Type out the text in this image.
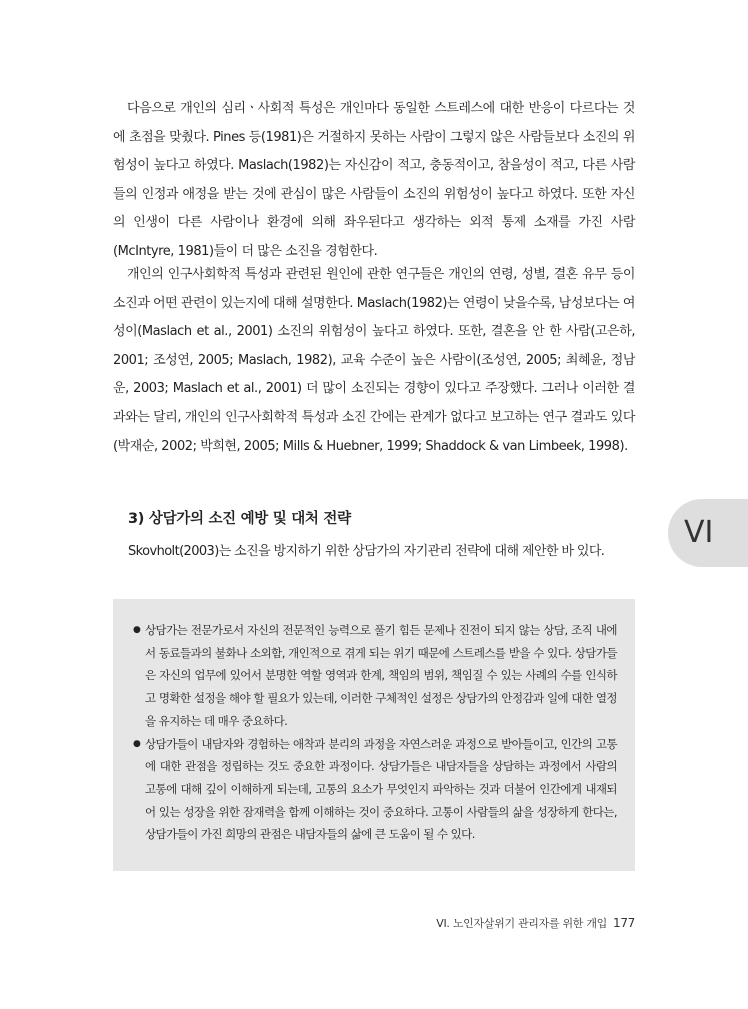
다음으로 개인의 심리ㆍ사회적 특성은 개인마다 동일한 스트레스에 대한 반응이 다르다는 것에 초점을 맞췄다. Pines 등(1981)은 거절하지 못하는 사람이 그렇지 않은 사람들보다 소진의 위험성이 높다고 하였다. Maslach(1982)는 자신감이 적고, 충동적이고, 참을성이 적고, 다른 사람들의 인정과 애정을 받는 것에 관심이 많은 사람들이 소진의 위험성이 높다고 하였다. 또한 자신의 인생이 다른 사람이나 환경에 의해 좌우된다고 생각하는 외적 통제 소재를 가진 사람(McIntyre, 1981)들이 더 많은 소진을 경험한다.

개인의 인구사회학적 특성과 관련된 원인에 관한 연구들은 개인의 연령, 성별, 결혼 유무 등이 소진과 어떤 관련이 있는지에 대해 설명한다. Maslach(1982)는 연령이 낮을수록, 남성보다는 여성이(Maslach et al., 2001) 소진의 위험성이 높다고 하였다. 또한, 결혼을 안 한 사람(고은하, 2001; 조성연, 2005; Maslach, 1982), 교육 수준이 높은 사람이(조성연, 2005; 최혜윤, 정남운, 2003; Maslach et al., 2001) 더 많이 소진되는 경향이 있다고 주장했다. 그러나 이러한 결과와는 달리, 개인의 인구사회학적 특성과 소진 간에는 관계가 없다고 보고하는 연구 결과도 있다(박재순, 2002; 박희현, 2005; Mills & Huebner, 1999; Shaddock & van Limbeek, 1998).

3) 상담가의 소진 예방 및 대처 전략

Skovholt(2003)는 소진을 방지하기 위한 상담가의 자기관리 전략에 대해 제안한 바 있다.

VI
● 상담가는 전문가로서 자신의 전문적인 능력으로 풀기 힘든 문제나 진전이 되지 않는 상담, 조직 내에서 동료들과의 불화나 소외함, 개인적으로 겪게 되는 위기 때문에 스트레스를 받을 수 있다. 상담가들은 자신의 업무에 있어서 분명한 역할 영역과 한계, 책임의 범위, 책임질 수 있는 사례의 수를 인식하고 명확한 설정을 해야 할 필요가 있는데, 이러한 구체적인 설정은 상담가의 안정감과 일에 대한 열정을 유지하는 데 매우 중요하다.
● 상담가들이 내담자와 경험하는 애착과 분리의 과정을 자연스러운 과정으로 받아들이고, 인간의 고통에 대한 관점을 정립하는 것도 중요한 과정이다. 상담가들은 내담자들을 상담하는 과정에서 사람의 고통에 대해 깊이 이해하게 되는데, 고통의 요소가 무엇인지 파악하는 것과 더불어 인간에게 내재되어 있는 성장을 위한 잠재력을 함께 이해하는 것이 중요하다. 고통이 사람들의 삶을 성장하게 한다는, 상담가들이 가진 희망의 관점은 내담자들의 삶에 큰 도움이 될 수 있다.
VI. 노인자살위기 관리자를 위한 개입 177
